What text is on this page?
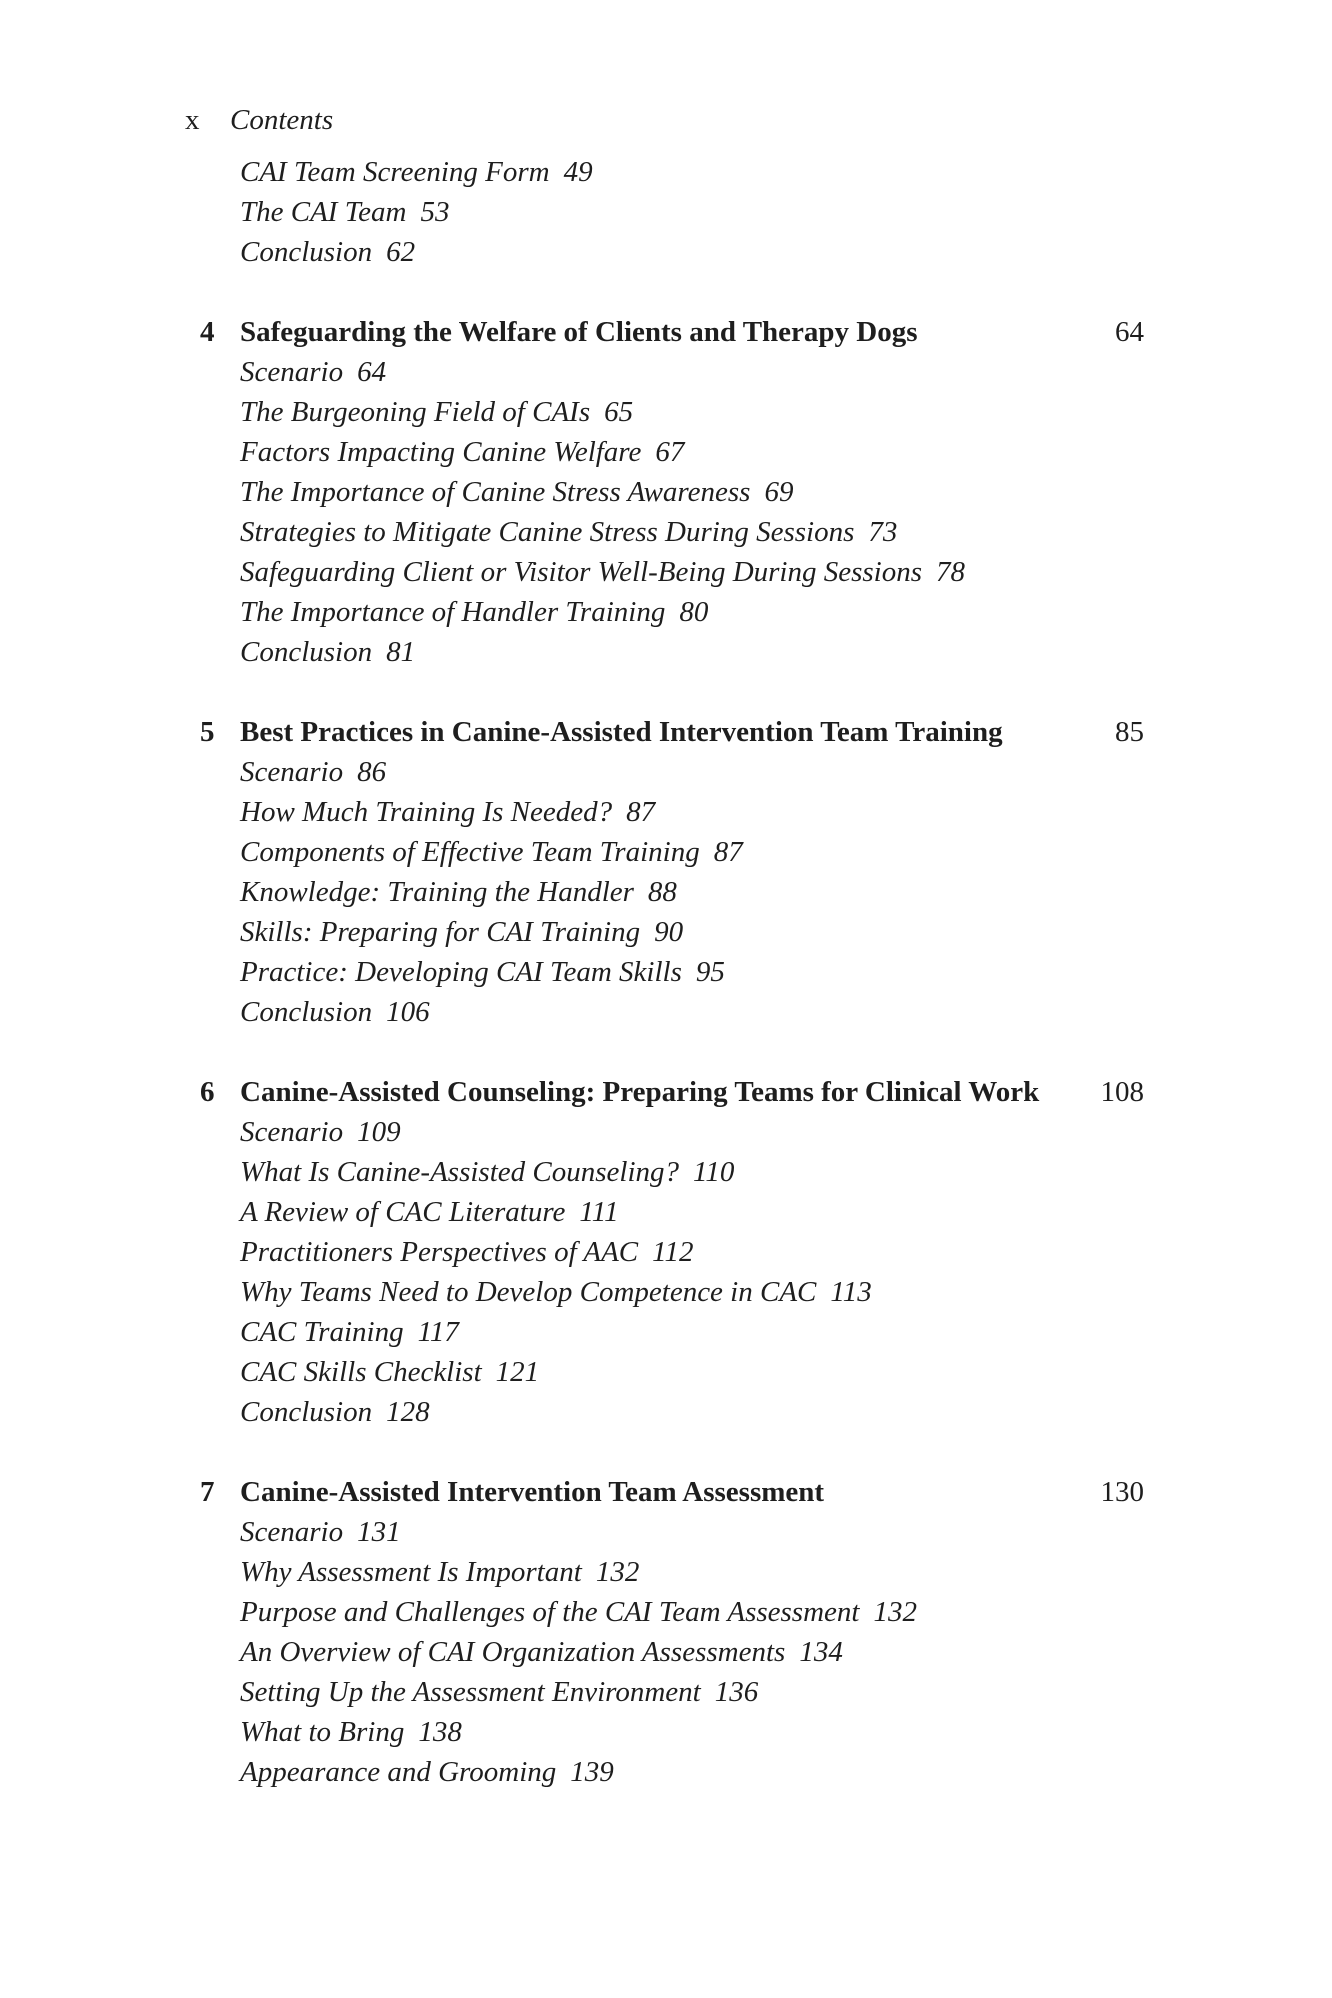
x Contents
CAI Team Screening Form 49
The CAI Team 53
Conclusion 62
4 Safeguarding the Welfare of Clients and Therapy Dogs	64
Scenario 64
The Burgeoning Field of CAIs 65
Factors Impacting Canine Welfare 67
The Importance of Canine Stress Awareness 69
Strategies to Mitigate Canine Stress During Sessions 73
Safeguarding Client or Visitor Well-Being During Sessions 78
The Importance of Handler Training 80
Conclusion 81
5 Best Practices in Canine-Assisted Intervention Team Training	85
Scenario 86
How Much Training Is Needed? 87
Components of Effective Team Training 87
Knowledge: Training the Handler 88
Skills: Preparing for CAI Training 90
Practice: Developing CAI Team Skills 95
Conclusion 106
6 Canine-Assisted Counseling: Preparing Teams for Clinical Work 108
Scenario 109
What Is Canine-Assisted Counseling? 110
A Review of CAC Literature 111
Practitioners Perspectives of AAC 112
Why Teams Need to Develop Competence in CAC 113
CAC Training 117
CAC Skills Checklist 121
Conclusion 128
7 Canine-Assisted Intervention Team Assessment	130
Scenario 131
Why Assessment Is Important 132
Purpose and Challenges of the CAI Team Assessment 132
An Overview of CAI Organization Assessments 134
Setting Up the Assessment Environment 136
What to Bring 138
Appearance and Grooming 139
